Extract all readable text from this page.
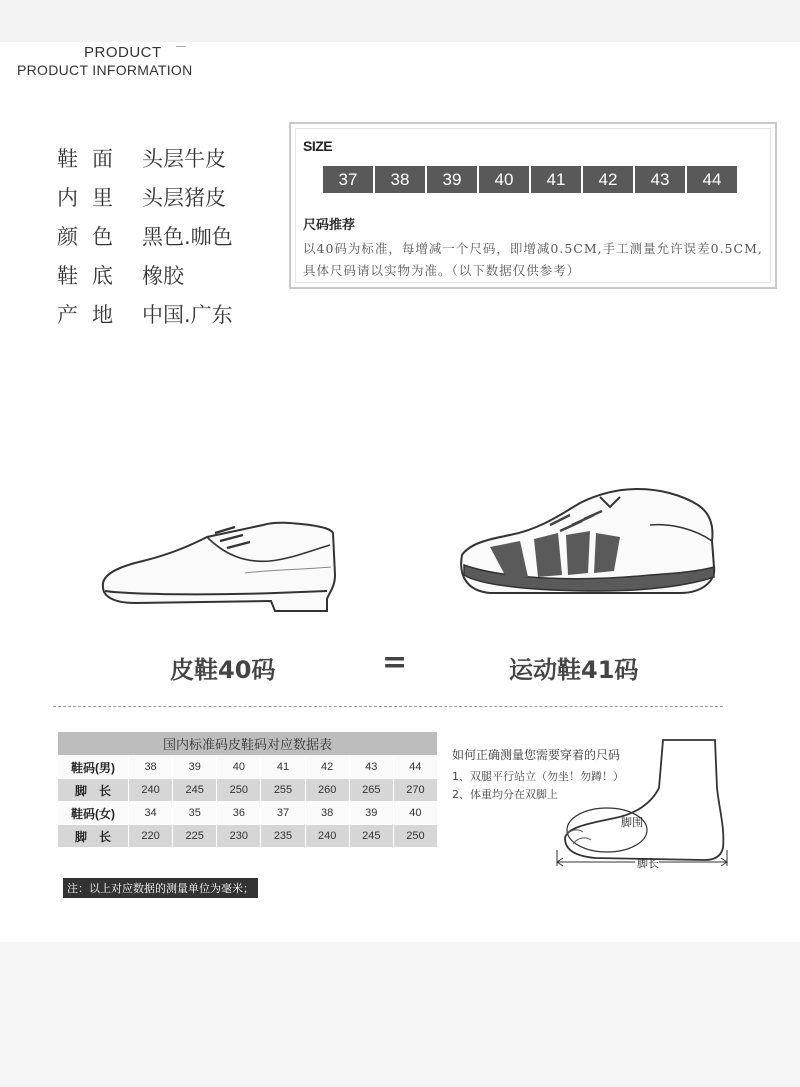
PRODUCT
PRODUCT INFORMATION
鞋面 头层牛皮
内里 头层猪皮
颜色 黑色.咖色
鞋底 橡胶
产地 中国.广东
SIZE
37	38	39	40	41	42	43	44
尺码推荐
以40码为标准，每增减一个尺码，即增减0.5CM,手工测量允许误差0.5CM,具体尺码请以实物为准。（以下数据仅供参考）
皮鞋40码	=	运动鞋41码
国内标准码皮鞋码对应数据表							
鞋码(男)	38	39	40	41	42	43	44
脚　长	240	245	250	255	260	265	270
鞋码(女)	34	35	36	37	38	39	40
脚　长	220	225	230	235	240	245	250
注：以上对应数据的测量单位为毫米；
如何正确测量您需要穿着的尺码
1、双腿平行站立（勿坐！勿蹲！）
2、体重均分在双脚上
脚围
脚长
